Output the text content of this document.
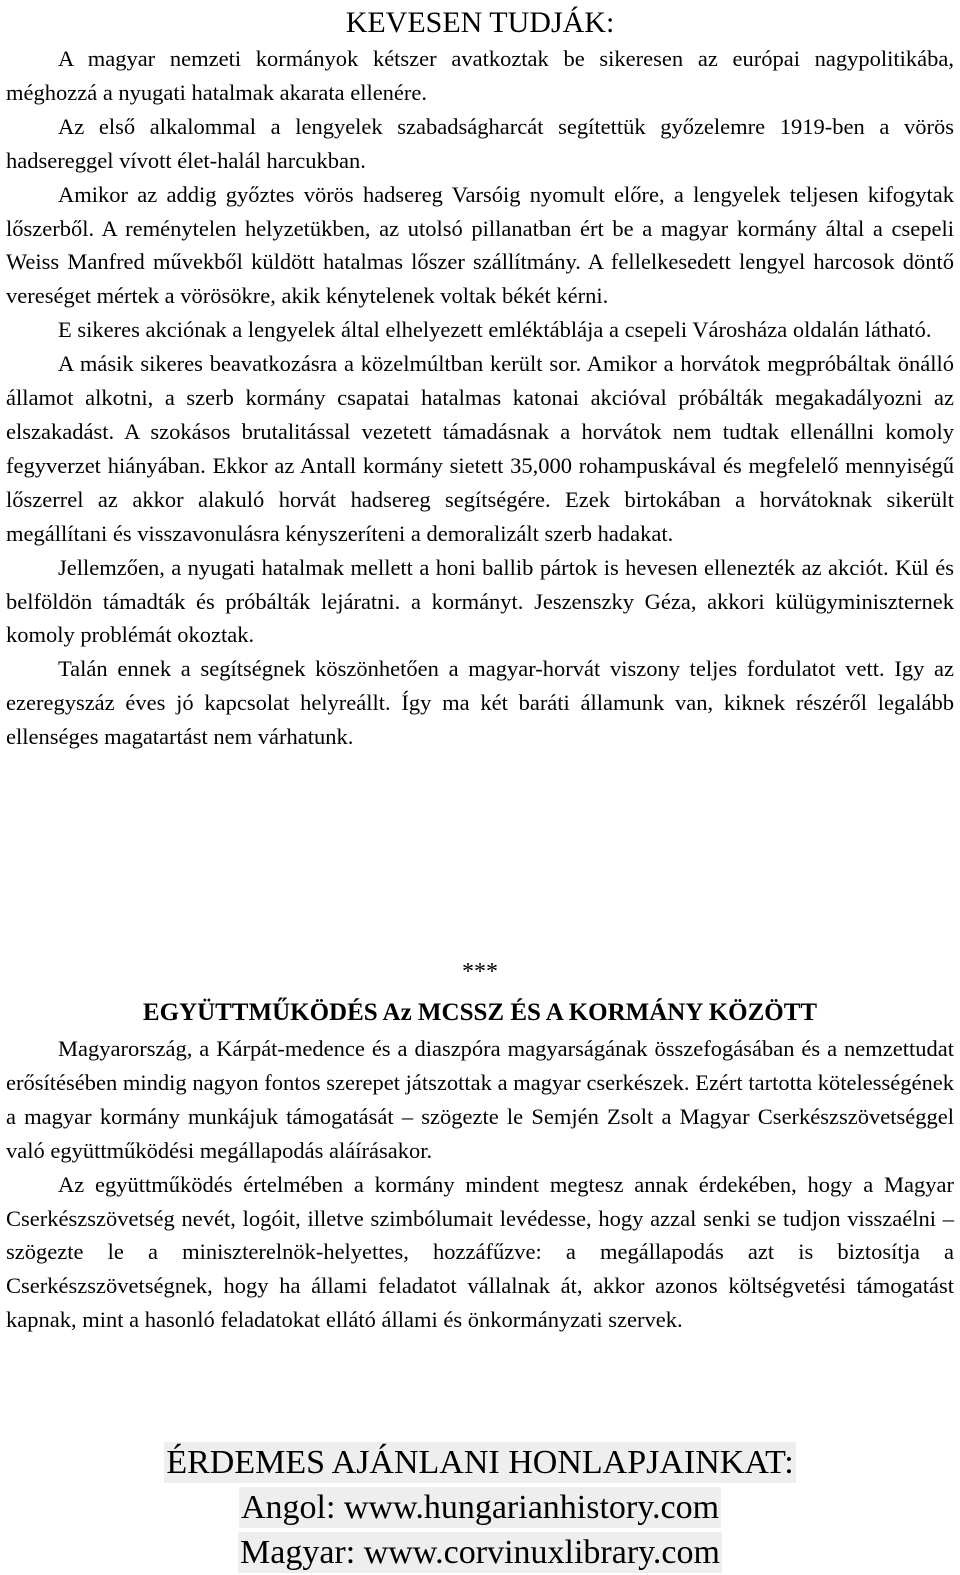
KEVESEN TUDJÁK:

A magyar nemzeti kormányok kétszer avatkoztak be sikeresen az európai nagypolitikába, méghozzá a nyugati hatalmak akarata ellenére.

Az első alkalommal a lengyelek szabadságharcát segítettük győzelemre 1919-ben a vörös hadsereggel vívott élet-halál harcukban.

Amikor az addig győztes vörös hadsereg Varsóig nyomult előre, a lengyelek teljesen kifogytak lőszerből. A reménytelen helyzetükben, az utolsó pillanatban ért be a magyar kormány által a csepeli Weiss Manfred művekből küldött hatalmas lőszer szállítmány. A fellelkesedett lengyel harcosok döntő vereséget mértek a vörösökre, akik kénytelenek voltak békét kérni.

E sikeres akciónak a lengyelek által elhelyezett emléktáblája a csepeli Városháza oldalán látható.

A másik sikeres beavatkozásra a közelmúltban került sor. Amikor a horvátok megpróbáltak önálló államot alkotni, a szerb kormány csapatai hatalmas katonai akcióval próbálták megakadályozni az elszakadást. A szokásos brutalitással vezetett támadásnak a horvátok nem tudtak ellenállni komoly fegyverzet hiányában. Ekkor az Antall kormány sietett 35,000 rohampuskával és megfelelő mennyiségű lőszerrel az akkor alakuló horvát hadsereg segítségére. Ezek birtokában a horvátoknak sikerült megállítani és visszavonulásra kényszeríteni a demoralizált szerb hadakat.

Jellemzően, a nyugati hatalmak mellett a honi ballib pártok is hevesen ellenezték az akciót. Kül és belföldön támadták és próbálták lejáratni. a kormányt. Jeszenszky Géza, akkori külügyminiszternek komoly problémát okoztak.

Talán ennek a segítségnek köszönhetően a magyar-horvát viszony teljes fordulatot vett. Igy az ezeregyszáz éves jó kapcsolat helyreállt. Így ma két baráti államunk van, kiknek részéről legalább ellenséges magatartást nem várhatunk.

***
EGYÜTTMŰKÖDÉS Az MCSSZ ÉS A KORMÁNY KÖZÖTT

Magyarország, a Kárpát-medence és a diaszpóra magyarságának összefogásában és a nemzettudat erősítésében mindig nagyon fontos szerepet játszottak a magyar cserkészek. Ezért tartotta kötelességének a magyar kormány munkájuk támogatását – szögezte le Semjén Zsolt a Magyar Cserkészszövetséggel való együttműködési megállapodás aláírásakor.

Az együttműködés értelmében a kormány mindent megtesz annak érdekében, hogy a Magyar Cserkészszövetség nevét, logóit, illetve szimbólumait levédesse, hogy azzal senki se tudjon visszaélni – szögezte le a miniszterelnök-helyettes, hozzáfűzve: a megállapodás azt is biztosítja a Cserkészszövetségnek, hogy ha állami feladatot vállalnak át, akkor azonos költségvetési támogatást kapnak, mint a hasonló feladatokat ellátó állami és önkormányzati szervek.

ÉRDEMES AJÁNLANI HONLAPJAINKAT:
Angol: www.hungarianhistory.com
Magyar: www.corvinuxlibrary.com
